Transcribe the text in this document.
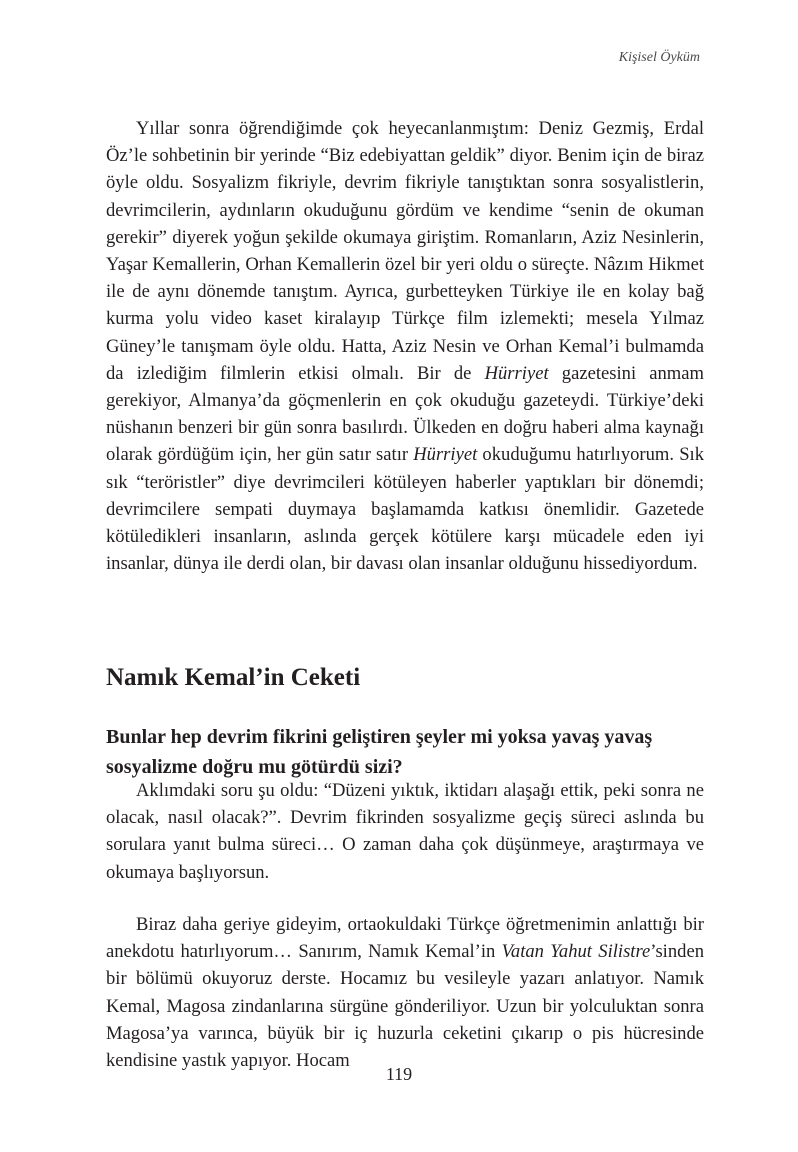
Kişisel Öyküm

Yıllar sonra öğrendiğimde çok heyecanlanmıştım: Deniz Gezmiş, Erdal Öz’le sohbetinin bir yerinde “Biz edebiyattan geldik” diyor. Benim için de biraz öyle oldu. Sosyalizm fikriyle, devrim fikriyle tanıştıktan sonra sosyalistlerin, devrimcilerin, aydınların okuduğunu gördüm ve kendime “senin de okuman gerekir” diyerek yoğun şekilde okumaya giriştim. Romanların, Aziz Nesinlerin, Yaşar Kemallerin, Orhan Kemallerin özel bir yeri oldu o süreçte. Nâzım Hikmet ile de aynı dönemde tanıştım. Ayrıca, gurbetteyken Türkiye ile en kolay bağ kurma yolu video kaset kiralayıp Türkçe film izlemekti; mesela Yılmaz Güney’le tanışmam öyle oldu. Hatta, Aziz Nesin ve Orhan Kemal’i bulmamda da izlediğim filmlerin etkisi olmalı. Bir de Hürriyet gazetesini anmam gerekiyor, Almanya’da göçmenlerin en çok okuduğu gazeteydi. Türkiye’deki nüshanın benzeri bir gün sonra basılırdı. Ülkeden en doğru haberi alma kaynağı olarak gördüğüm için, her gün satır satır Hürriyet okuduğumu hatırlıyorum. Sık sık “teröristler” diye devrimcileri kötüleyen haberler yaptıkları bir dönemdi; devrimcilere sempati duymaya başlamamda katkısı önemlidir. Gazetede kötüledikleri insanların, aslında gerçek kötülere karşı mücadele eden iyi insanlar, dünya ile derdi olan, bir davası olan insanlar olduğunu hissediyordum.

Namık Kemal’in Ceketi
Bunlar hep devrim fikrini geliştiren şeyler mi yoksa yavaş yavaş sosyalizme doğru mu götürdü sizi?

Aklımdaki soru şu oldu: “Düzeni yıktık, iktidarı alaşağı ettik, peki sonra ne olacak, nasıl olacak?”. Devrim fikrinden sosyalizme geçiş süreci aslında bu sorulara yanıt bulma süreci… O zaman daha çok düşünmeye, araştırmaya ve okumaya başlıyorsun.

Biraz daha geriye gideyim, ortaokuldaki Türkçe öğretmenimin anlattığı bir anekdotu hatırlıyorum… Sanırım, Namık Kemal’in Vatan Yahut Silistre’sinden bir bölümü okuyoruz derste. Hocamız bu vesileyle yazarı anlatıyor. Namık Kemal, Magosa zindanlarına sürgüne gönderiliyor. Uzun bir yolculuktan sonra Magosa’ya varınca, büyük bir iç huzurla ceketini çıkarıp o pis hücresinde kendisine yastık yapıyor. Hocam

119
